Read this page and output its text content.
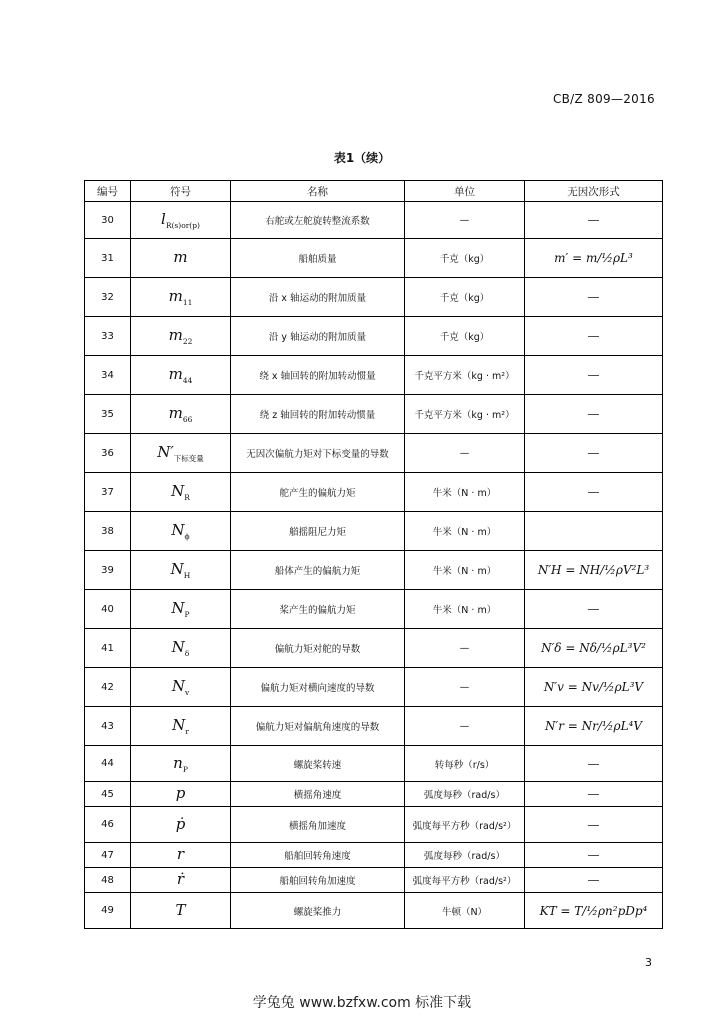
CB/Z 809—2016
表1（续）
编号	符号	名称	单位	无因次形式
30	$l_{R(s)or(p)}$	右舵或左舵旋转整流系数	—	—
31	m	船舶质量	千克（kg）	m′ = m/½ρL³
32	$m_{11}$	沿 x 轴运动的附加质量	千克（kg）	—
33	$m_{22}$	沿 y 轴运动的附加质量	千克（kg）	—
34	$m_{44}$	绕 x 轴回转的附加转动惯量	千克平方米（kg · m²）	—
35	$m_{66}$	绕 z 轴回转的附加转动惯量	千克平方米（kg · m²）	—
36	$N'_{下标变量}$	无因次偏航力矩对下标变量的导数	—	—
37	$N_R$	舵产生的偏航力矩	牛米（N · m）	—
38	$N_\phi$	艏摇阻尼力矩	牛米（N · m）	
39	$N_H$	船体产生的偏航力矩	牛米（N · m）	N′H = NH/½ρV²L³
40	$N_P$	桨产生的偏航力矩	牛米（N · m）	—
41	$N_\delta$	偏航力矩对舵的导数	—	N′δ = Nδ/½ρL³V²
42	$N_v$	偏航力矩对横向速度的导数	—	N′v = Nv/½ρL³V
43	$N_r$	偏航力矩对偏航角速度的导数	—	N′r = Nr/½ρL⁴V
44	$n_P$	螺旋桨转速	转每秒（r/s）	—
45	p	横摇角速度	弧度每秒（rad/s）	—
46	ṗ	横摇角加速度	弧度每平方秒（rad/s²）	—
47	r	船舶回转角速度	弧度每秒（rad/s）	—
48	ṙ	船舶回转角加速度	弧度每平方秒（rad/s²）	—
49	T	螺旋桨推力	牛顿（N）	KT = T/½ρn²pDp⁴
3
学兔兔 www.bzfxw.com 标准下载
